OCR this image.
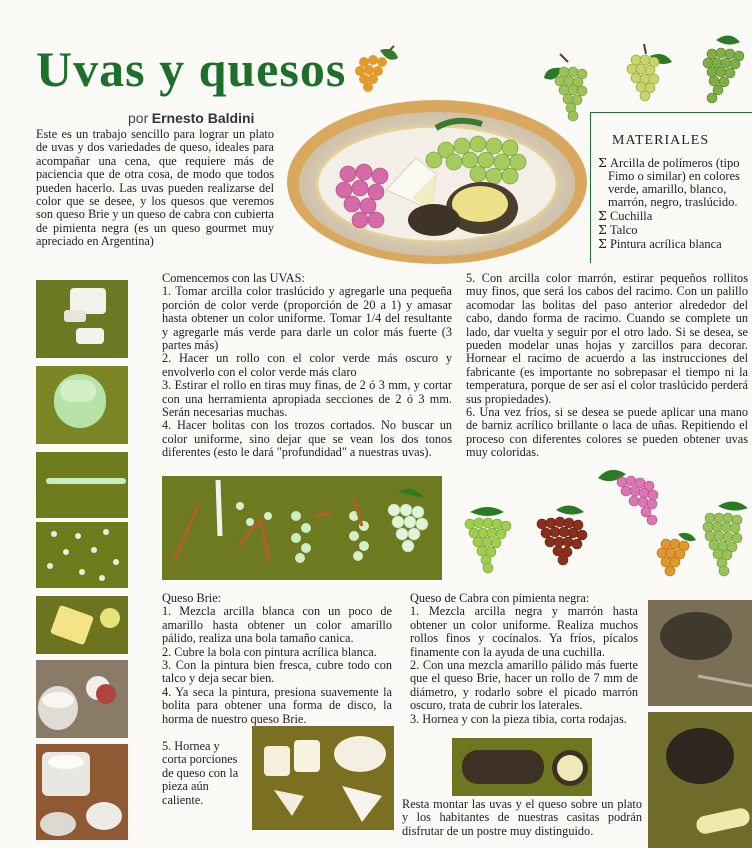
Uvas y quesos
por Ernesto Baldini
Este es un trabajo sencillo para lograr un plato de uvas y dos variedades de queso, ideales para acompañar una cena, que requiere más de paciencia que de otra cosa, de modo que todos pueden hacerlo. Las uvas pueden realizarse del color que se desee, y los quesos que veremos son queso Brie y un queso de cabra con cubierta de pimienta negra (es un queso gourmet muy apreciado en Argentina)
MATERIALES
Σ Arcilla de polímeros (tipo Fimo o similar) en colores verde, amarillo, blanco, marrón, negro, traslúcido.
Σ Cuchilla
Σ Talco
Σ Pintura acrílica blanca

Comencemos con las UVAS:

1. Tomar arcilla color traslúcido y agregarle una pequeña porción de color verde (proporción de 20 a 1) y amasar hasta obtener un color uniforme. Tomar 1/4 del resultante y agregarle más verde para darle un color más fuerte (3 partes más)

2. Hacer un rollo con el color verde más oscuro y envolverlo con el color verde más claro

3. Estirar el rollo en tiras muy finas, de 2 ó 3 mm, y cortar con una herramienta apropiada secciones de 2 ó 3 mm. Serán necesarias muchas.

4. Hacer bolitas con los trozos cortados. No buscar un color uniforme, sino dejar que se vean los dos tonos diferentes (esto le dará "profundidad" a nuestras uvas).

5. Con arcilla color marrón, estirar pequeños rollitos muy finos, que será los cabos del racimo. Con un palillo acomodar las bolitas del paso anterior alrededor del cabo, dando forma de racimo. Cuando se complete un lado, dar vuelta y seguir por el otro lado. Si se desea, se pueden modelar unas hojas y zarcillos para decorar. Hornear el racimo de acuerdo a las instrucciones del fabricante (es importante no sobrepasar el tiempo ni la temperatura, porque de ser así el color traslúcido perderá sus propiedades).

6. Una vez fríos, si se desea se puede aplicar una mano de barniz acrílico brillante o laca de uñas. Repitiendo el proceso con diferentes colores se pueden obtener uvas muy coloridas.

Queso Brie:

1. Mezcla arcilla blanca con un poco de amarillo hasta obtener un color amarillo pálido, realiza una bola tamaño canica.

2. Cubre la bola con pintura acrílica blanca.

3. Con la pintura bien fresca, cubre todo con talco y deja secar bien.

4. Ya seca la pintura, presiona suavemente la bolita para obtener una forma de disco, la horma de nuestro queso Brie.

5. Hornea y corta porciones de queso con la pieza aún caliente.

Queso de Cabra con pimienta negra:

1. Mezcla arcilla negra y marrón hasta obtener un color uniforme. Realiza muchos rollos finos y cocínalos. Ya fríos, pícalos finamente con la ayuda de una cuchilla.

2. Con una mezcla amarillo pálido más fuerte que el queso Brie, hacer un rollo de 7 mm de diámetro, y rodarlo sobre el picado marrón oscuro, trata de cubrir los laterales.

3. Hornea y con la pieza tibia, corta rodajas.

Resta montar las uvas y el queso sobre un plato y los habitantes de nuestras casitas podrán disfrutar de un postre muy distinguido.
